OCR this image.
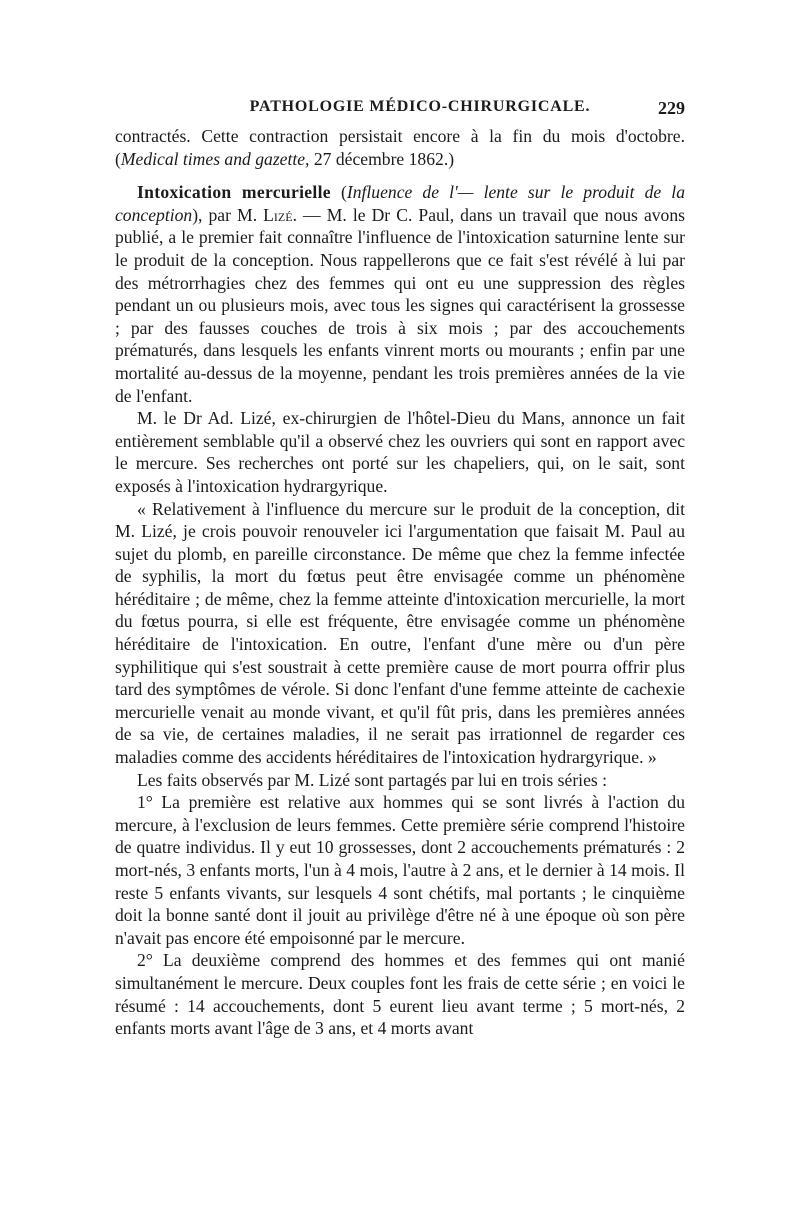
PATHOLOGIE MÉDICO-CHIRURGICALE.	229

contractés. Cette contraction persistait encore à la fin du mois d'octobre. (Medical times and gazette, 27 décembre 1862.)

Intoxication mercurielle (Influence de l'— lente sur le produit de la conception), par M. Lizé. — M. le Dr C. Paul, dans un travail que nous avons publié, a le premier fait connaître l'influence de l'intoxication saturnine lente sur le produit de la conception. Nous rappellerons que ce fait s'est révélé à lui par des métrorrhagies chez des femmes qui ont eu une suppression des règles pendant un ou plusieurs mois, avec tous les signes qui caractérisent la grossesse ; par des fausses couches de trois à six mois ; par des accouchements prématurés, dans lesquels les enfants vinrent morts ou mourants ; enfin par une mortalité au-dessus de la moyenne, pendant les trois premières années de la vie de l'enfant.

M. le Dr Ad. Lizé, ex-chirurgien de l'hôtel-Dieu du Mans, annonce un fait entièrement semblable qu'il a observé chez les ouvriers qui sont en rapport avec le mercure. Ses recherches ont porté sur les chapeliers, qui, on le sait, sont exposés à l'intoxication hydrargyrique.

« Relativement à l'influence du mercure sur le produit de la conception, dit M. Lizé, je crois pouvoir renouveler ici l'argumentation que faisait M. Paul au sujet du plomb, en pareille circonstance. De même que chez la femme infectée de syphilis, la mort du fœtus peut être envisagée comme un phénomène héréditaire ; de même, chez la femme atteinte d'intoxication mercurielle, la mort du fœtus pourra, si elle est fréquente, être envisagée comme un phénomène héréditaire de l'intoxication. En outre, l'enfant d'une mère ou d'un père syphilitique qui s'est soustrait à cette première cause de mort pourra offrir plus tard des symptômes de vérole. Si donc l'enfant d'une femme atteinte de cachexie mercurielle venait au monde vivant, et qu'il fût pris, dans les premières années de sa vie, de certaines maladies, il ne serait pas irrationnel de regarder ces maladies comme des accidents héréditaires de l'intoxication hydrargyrique. »

Les faits observés par M. Lizé sont partagés par lui en trois séries :

1° La première est relative aux hommes qui se sont livrés à l'action du mercure, à l'exclusion de leurs femmes. Cette première série comprend l'histoire de quatre individus. Il y eut 10 grossesses, dont 2 accouchements prématurés : 2 mort-nés, 3 enfants morts, l'un à 4 mois, l'autre à 2 ans, et le dernier à 14 mois. Il reste 5 enfants vivants, sur lesquels 4 sont chétifs, mal portants ; le cinquième doit la bonne santé dont il jouit au privilège d'être né à une époque où son père n'avait pas encore été empoisonné par le mercure.

2° La deuxième comprend des hommes et des femmes qui ont manié simultanément le mercure. Deux couples font les frais de cette série ; en voici le résumé : 14 accouchements, dont 5 eurent lieu avant terme ; 5 mort-nés, 2 enfants morts avant l'âge de 3 ans, et 4 morts avant
